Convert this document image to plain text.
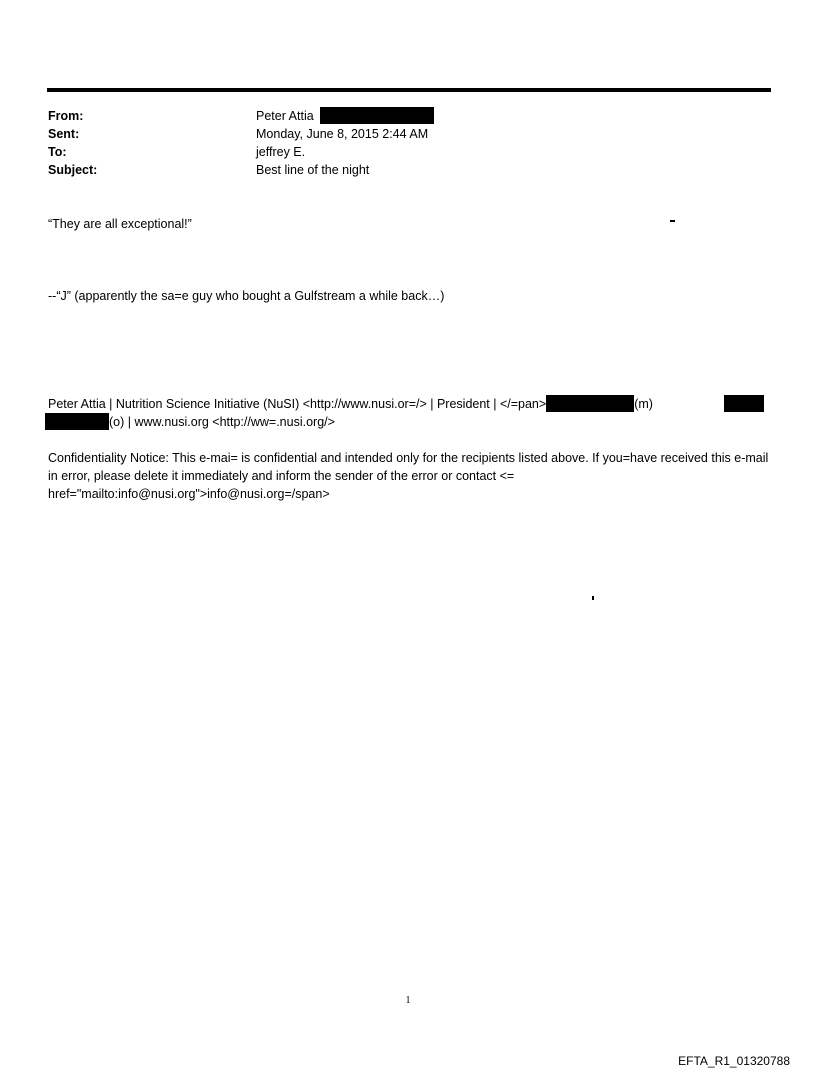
From:	Peter Attia
Sent:	Monday, June 8, 2015 2:44 AM
To:	jeffrey E.
Subject:	Best line of the night
“They are all exceptional!”
--“J” (apparently the sa=e guy who bought a Gulfstream a while back…)
Peter Attia | Nutrition Science Initiative (NuSI) <http://www.nusi.or=/> | President | </=pan>	(m)
(o) | www.nusi.org <http://ww=.nusi.org/>
Confidentiality Notice: This e-mai= is confidential and intended only for the recipients listed above. If you=have received this e-mail in error, please delete it immediately and inform the sender of the error or contact <= href="mailto:info@nusi.org">info@nusi.org=/span>
1
EFTA_R1_01320788
